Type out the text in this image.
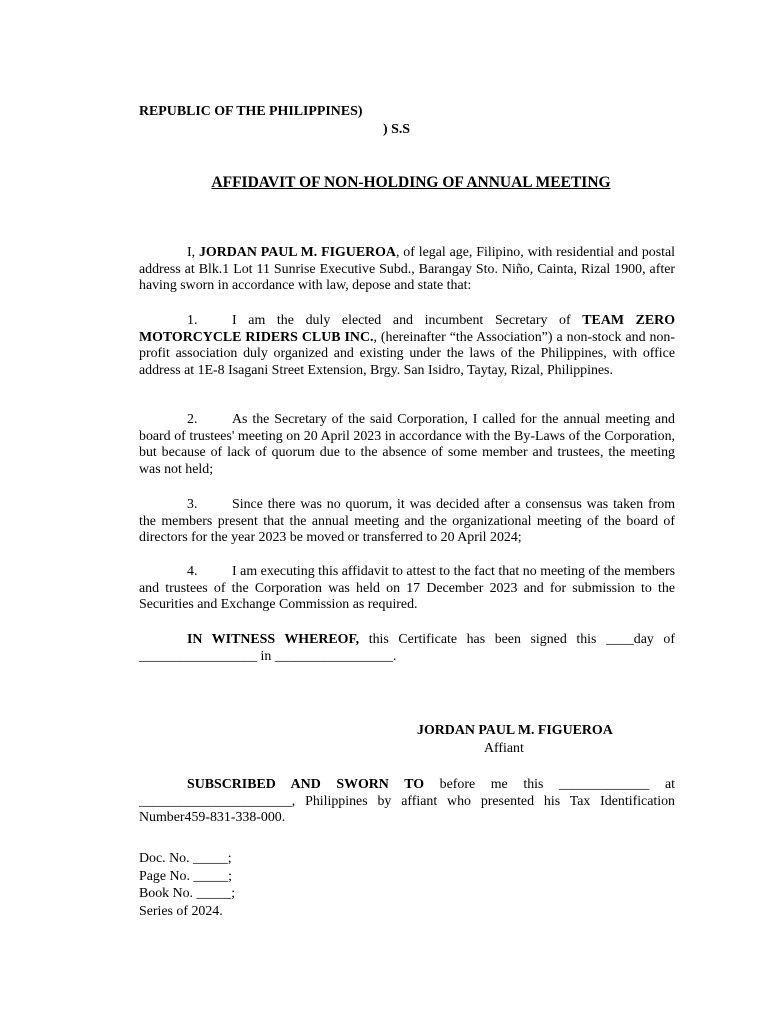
REPUBLIC OF THE PHILIPPINES)
) S.S
AFFIDAVIT OF NON-HOLDING OF ANNUAL MEETING
I, JORDAN PAUL M. FIGUEROA, of legal age, Filipino, with residential and postal address at Blk.1 Lot 11 Sunrise Executive Subd., Barangay Sto. Niño, Cainta, Rizal 1900, after having sworn in accordance with law, depose and state that:
1. I am the duly elected and incumbent Secretary of TEAM ZERO MOTORCYCLE RIDERS CLUB INC., (hereinafter “the Association”) a non-stock and non-profit association duly organized and existing under the laws of the Philippines, with office address at 1E-8 Isagani Street Extension, Brgy. San Isidro, Taytay, Rizal, Philippines.
2. As the Secretary of the said Corporation, I called for the annual meeting and board of trustees' meeting on 20 April 2023 in accordance with the By-Laws of the Corporation, but because of lack of quorum due to the absence of some member and trustees, the meeting was not held;
3. Since there was no quorum, it was decided after a consensus was taken from the members present that the annual meeting and the organizational meeting of the board of directors for the year 2023 be moved or transferred to 20 April 2024;
4. I am executing this affidavit to attest to the fact that no meeting of the members and trustees of the Corporation was held on 17 December 2023 and for submission to the Securities and Exchange Commission as required.
IN WITNESS WHEREOF, this Certificate has been signed this ____day of _________________ in _________________.
JORDAN PAUL M. FIGUEROA
Affiant
SUBSCRIBED AND SWORN TO before me this _____________ at ______________________, Philippines by affiant who presented his Tax Identification Number459-831-338-000.
Doc. No. _____;
Page No. _____;
Book No. _____;
Series of 2024.
